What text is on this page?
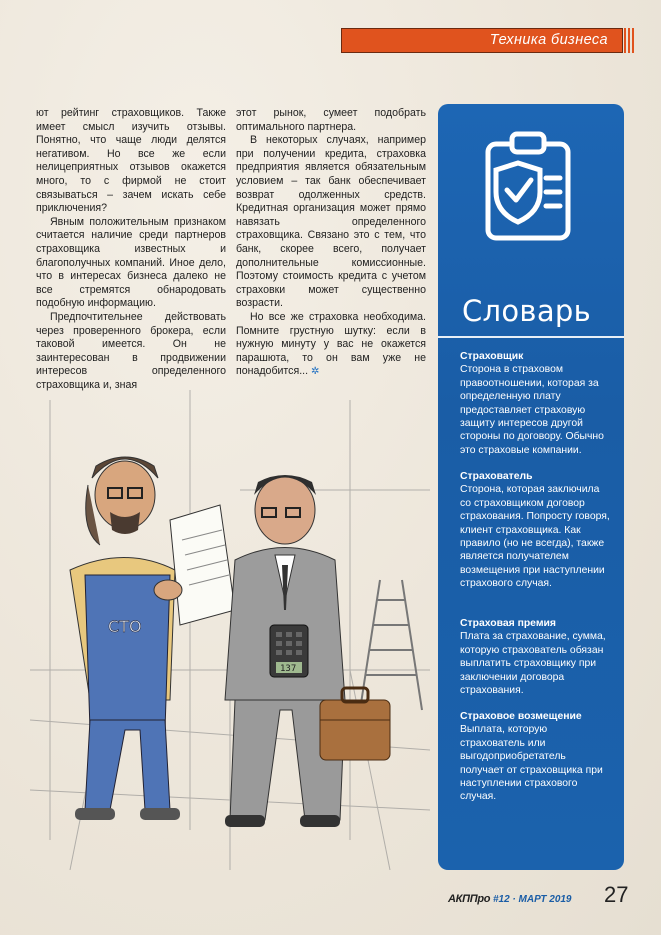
Техника бизнеса

ют рейтинг страховщиков. Также имеет смысл изучить отзывы. Понятно, что чаще люди делятся негативом. Но все же если нелицеприятных отзывов окажется много, то с фирмой не стоит связываться – зачем искать себе приключения?

Явным положительным признаком считается наличие среди партнеров страховщика известных и благополучных компаний. Иное дело, что в интересах бизнеса далеко не все стремятся обнародовать подобную информацию.

Предпочтительнее действовать через проверенного брокера, если таковой имеется. Он не заинтересован в продвижении интересов определенного страховщика и, зная

этот рынок, сумеет подобрать оптимального партнера.

В некоторых случаях, например при получении кредита, страховка предприятия является обязательным условием – так банк обеспечивает возврат одолженных средств. Кредитная организация может прямо навязать определенного страховщика. Связано это с тем, что банк, скорее всего, получает дополнительные комиссионные. Поэтому стоимость кредита с учетом страховки может существенно возрасти.

Но все же страховка необходима. Помните грустную шутку: если в нужную минуту у вас не окажется парашюта, то он вам уже не понадобится... ✲

СТО
137
Словарь
Страховщик
Сторона в страховом правоотношении, которая за определенную плату предоставляет страховую защиту интересов другой стороны по договору. Обычно это страховые компании.
Страхователь
Сторона, которая заключила со страховщиком договор страхования. Попросту говоря, клиент страховщика. Как правило (но не всегда), также является получателем возмещения при наступлении страхового случая.
Страховая премия
Плата за страхование, сумма, которую страхователь обязан выплатить страховщику при заключении договора страхования.
Страховое возмещение
Выплата, которую страхователь или выгодоприобретатель получает от страховщика при наступлении страхового случая.
АКППро #12 · МАРТ 2019 27
